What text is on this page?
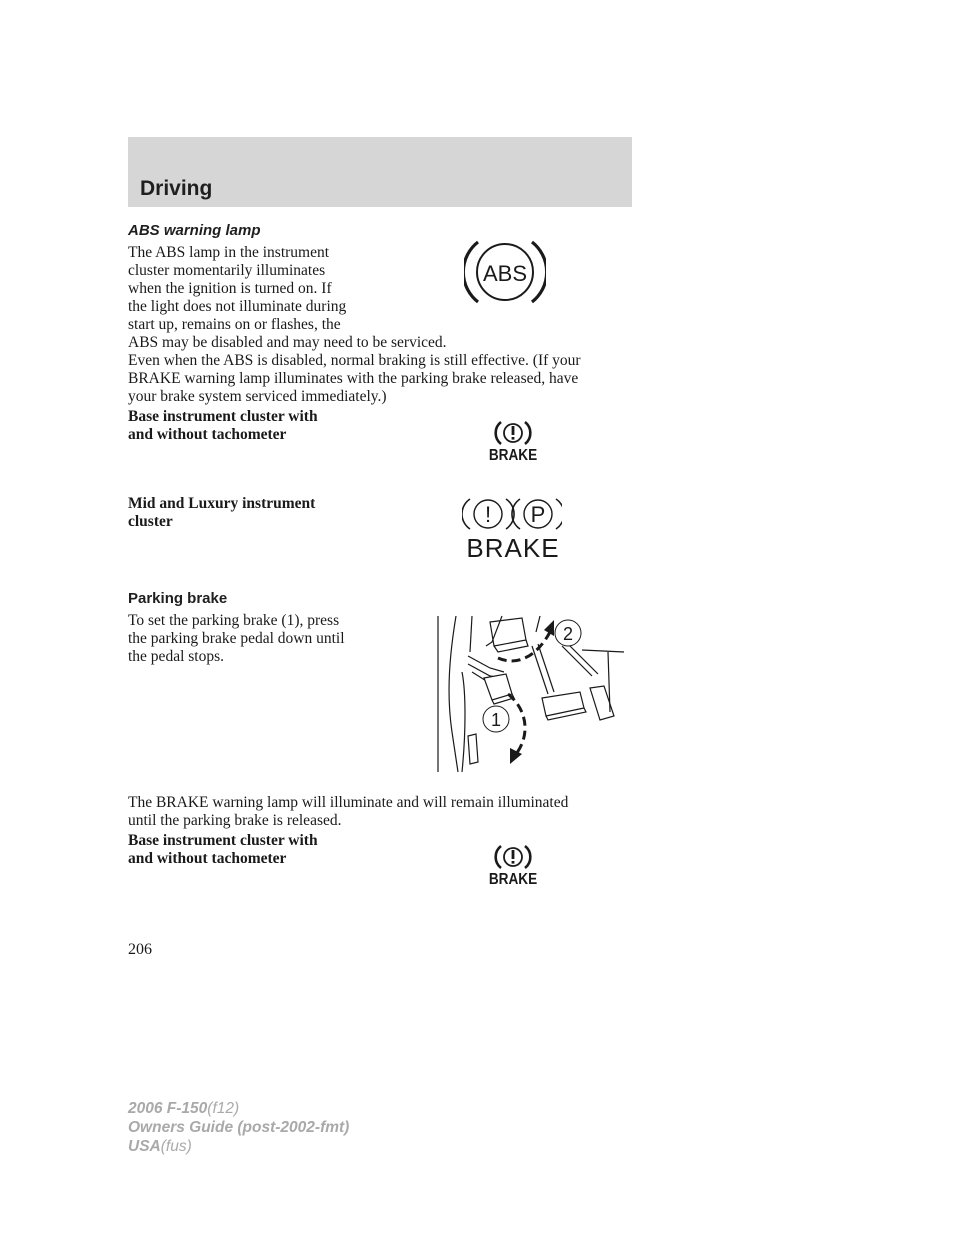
Driving
ABS warning lamp
The ABS lamp in the instrument
cluster momentarily illuminates
when the ignition is turned on. If
the light does not illuminate during
start up, remains on or flashes, the
ABS may be disabled and may need to be serviced.
ABS
Even when the ABS is disabled, normal braking is still effective. (If your
BRAKE warning lamp illuminates with the parking brake released, have
your brake system serviced immediately.)
Base instrument cluster with
and without tachometer
BRAKE
Mid and Luxury instrument
cluster	! P
BRAKE
Parking brake
To set the parking brake (1), press
the parking brake pedal down until
the pedal stops.
2
1
The BRAKE warning lamp will illuminate and will remain illuminated
until the parking brake is released.
Base instrument cluster with
and without tachometer
BRAKE
206
2006 F-150(f12)
Owners Guide (post-2002-fmt)
USA(fus)
